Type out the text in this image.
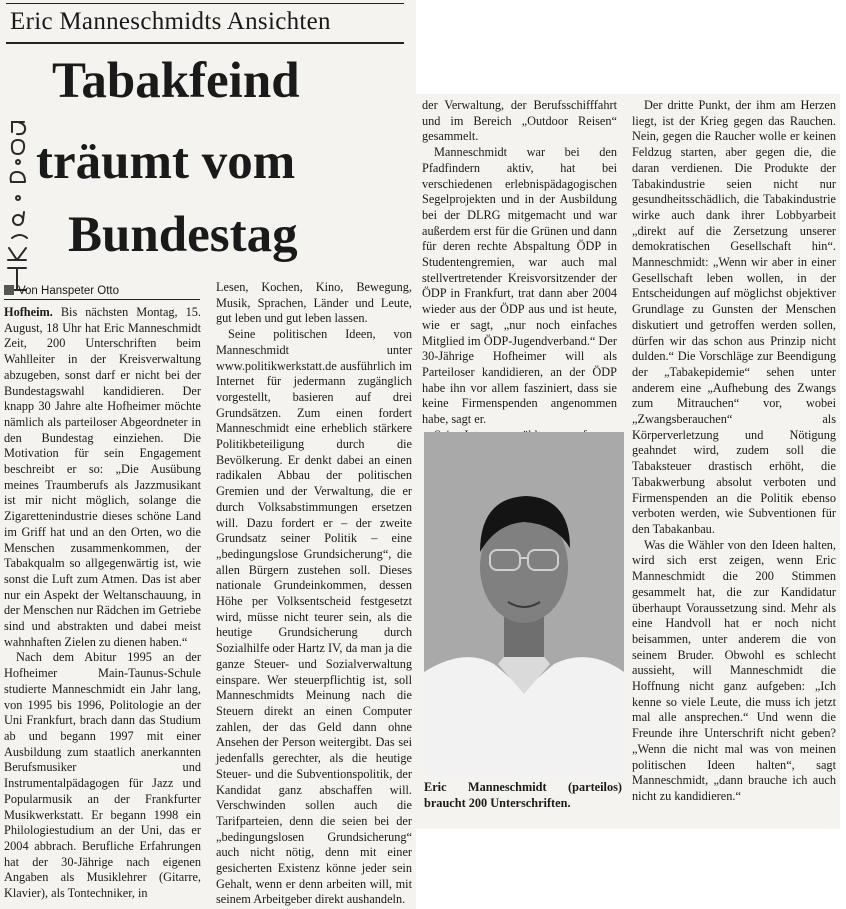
Eric Manneschmidts Ansichten
Tabakfeind
träumt vom
Bundestag
Von Hanspeter Otto

Hofheim. Bis nächsten Montag, 15. August, 18 Uhr hat Eric Manneschmidt Zeit, 200 Unterschriften beim Wahlleiter in der Kreisverwaltung abzugeben, sonst darf er nicht bei der Bundestagswahl kandidieren. Der knapp 30 Jahre alte Hofheimer möchte nämlich als parteiloser Abgeordneter in den Bundestag einziehen. Die Motivation für sein Engagement beschreibt er so: „Die Ausübung meines Traumberufs als Jazzmusikant ist mir nicht möglich, solange die Zigarettenindustrie dieses schöne Land im Griff hat und an den Orten, wo die Menschen zusammenkommen, der Tabakqualm so allgegenwärtig ist, wie sonst die Luft zum Atmen. Das ist aber nur ein Aspekt der Weltanschauung, in der Menschen nur Rädchen im Getriebe sind und abstrakten und dabei meist wahnhaften Zielen zu dienen haben.“

Nach dem Abitur 1995 an der Hofheimer Main-Taunus-Schule studierte Manneschmidt ein Jahr lang, von 1995 bis 1996, Politologie an der Uni Frankfurt, brach dann das Studium ab und begann 1997 mit einer Ausbildung zum staatlich anerkannten Berufsmusiker und Instrumentalpädagogen für Jazz und Popularmusik an der Frankfurter Musikwerkstatt. Er begann 1998 ein Philologiestudium an der Uni, das er 2004 abbrach. Berufliche Erfahrungen hat der 30-Jährige nach eigenen Angaben als Musiklehrer (Gitarre, Klavier), als Tontechniker, in

Lesen, Kochen, Kino, Bewegung, Musik, Sprachen, Länder und Leute, gut leben und gut leben lassen.

Seine politischen Ideen, von Manneschmidt unter www.politikwerkstatt.de ausführlich im Internet für jedermann zugänglich vorgestellt, basieren auf drei Grundsätzen. Zum einen fordert Manneschmidt eine erheblich stärkere Politikbeteiligung durch die Bevölkerung. Er denkt dabei an einen radikalen Abbau der politischen Gremien und der Verwaltung, die er durch Volksabstimmungen ersetzen will. Dazu fordert er – der zweite Grundsatz seiner Politik – eine „bedingungslose Grundsicherung“, die allen Bürgern zustehen soll. Dieses nationale Grundeinkommen, dessen Höhe per Volksentscheid festgesetzt wird, müsse nicht teurer sein, als die heutige Grundsicherung durch Sozialhilfe oder Hartz IV, da man ja die ganze Steuer- und Sozialverwaltung einspare. Wer steuerpflichtig ist, soll Manneschmidts Meinung nach die Steuern direkt an einen Computer zahlen, der das Geld dann ohne Ansehen der Person weitergibt. Das sei jedenfalls gerechter, als die heutige Steuer- und die Subventionspolitik, der Kandidat ganz abschaffen will. Verschwinden sollen auch die Tarifparteien, denn die seien bei der „bedingungslosen Grundsicherung“ auch nicht nötig, denn mit einer gesicherten Existenz könne jeder sein Gehalt, wenn er denn arbeiten will, mit seinem Arbeitgeber direkt aushandeln.

der Verwaltung, der Berufsschifffahrt und im Bereich „Outdoor Reisen“ gesammelt.

Manneschmidt war bei den Pfadfindern aktiv, hat bei verschiedenen erlebnispädagogischen Segelprojekten und in der Ausbildung bei der DLRG mitgemacht und war außerdem erst für die Grünen und dann für deren rechte Abspaltung ÖDP in Studentengremien, war auch mal stellvertretender Kreisvorsitzender der ÖDP in Frankfurt, trat dann aber 2004 wieder aus der ÖDP aus und ist heute, wie er sagt, „nur noch einfaches Mitglied im ÖDP-Jugendverband.“ Der 30-Jährige Hofheimer will als Parteiloser kandidieren, an der ÖDP habe ihn vor allem fasziniert, dass sie keine Firmenspenden angenommen habe, sagt er.

Eric Manneschmidt (parteilos) braucht 200 Unterschriften.

Der dritte Punkt, der ihm am Herzen liegt, ist der Krieg gegen das Rauchen. Nein, gegen die Raucher wolle er keinen Feldzug starten, aber gegen die, die daran verdienen. Die Produkte der Tabakindustrie seien nicht nur gesundheitsschädlich, die Tabakindustrie wirke auch dank ihrer Lobbyarbeit „direkt auf die Zersetzung unserer demokratischen Gesellschaft hin“. Manneschmidt: „Wenn wir aber in einer Gesellschaft leben wollen, in der Entscheidungen auf möglichst objektiver Grundlage zu Gunsten der Menschen diskutiert und getroffen werden sollen, dürfen wir das schon aus Prinzip nicht dulden.“ Die Vorschläge zur Beendigung der „Tabakepidemie“ sehen unter anderem eine „Aufhebung des Zwangs zum Mitrauchen“ vor, wobei „Zwangsberauchen“ als Körperverletzung und Nötigung geahndet wird, zudem soll die Tabaksteuer drastisch erhöht, die Tabakwerbung absolut verboten und Firmenspenden an die Politik ebenso verboten werden, wie Subventionen für den Tabakanbau.

Was die Wähler von den Ideen halten, wird sich erst zeigen, wenn Eric Manneschmidt die 200 Stimmen gesammelt hat, die zur Kandidatur überhaupt Voraussetzung sind. Mehr als eine Handvoll hat er noch nicht beisammen, unter anderem die von seinem Bruder. Obwohl es schlecht aussieht, will Manneschmidt die Hoffnung nicht ganz aufgeben: „Ich kenne so viele Leute, die muss ich jetzt mal alle ansprechen.“ Und wenn die Freunde ihre Unterschrift nicht geben? „Wenn die nicht mal was von meinen politischen Ideen halten“, sagt Manneschmidt, „dann brauche ich auch nicht zu kandidieren.“
